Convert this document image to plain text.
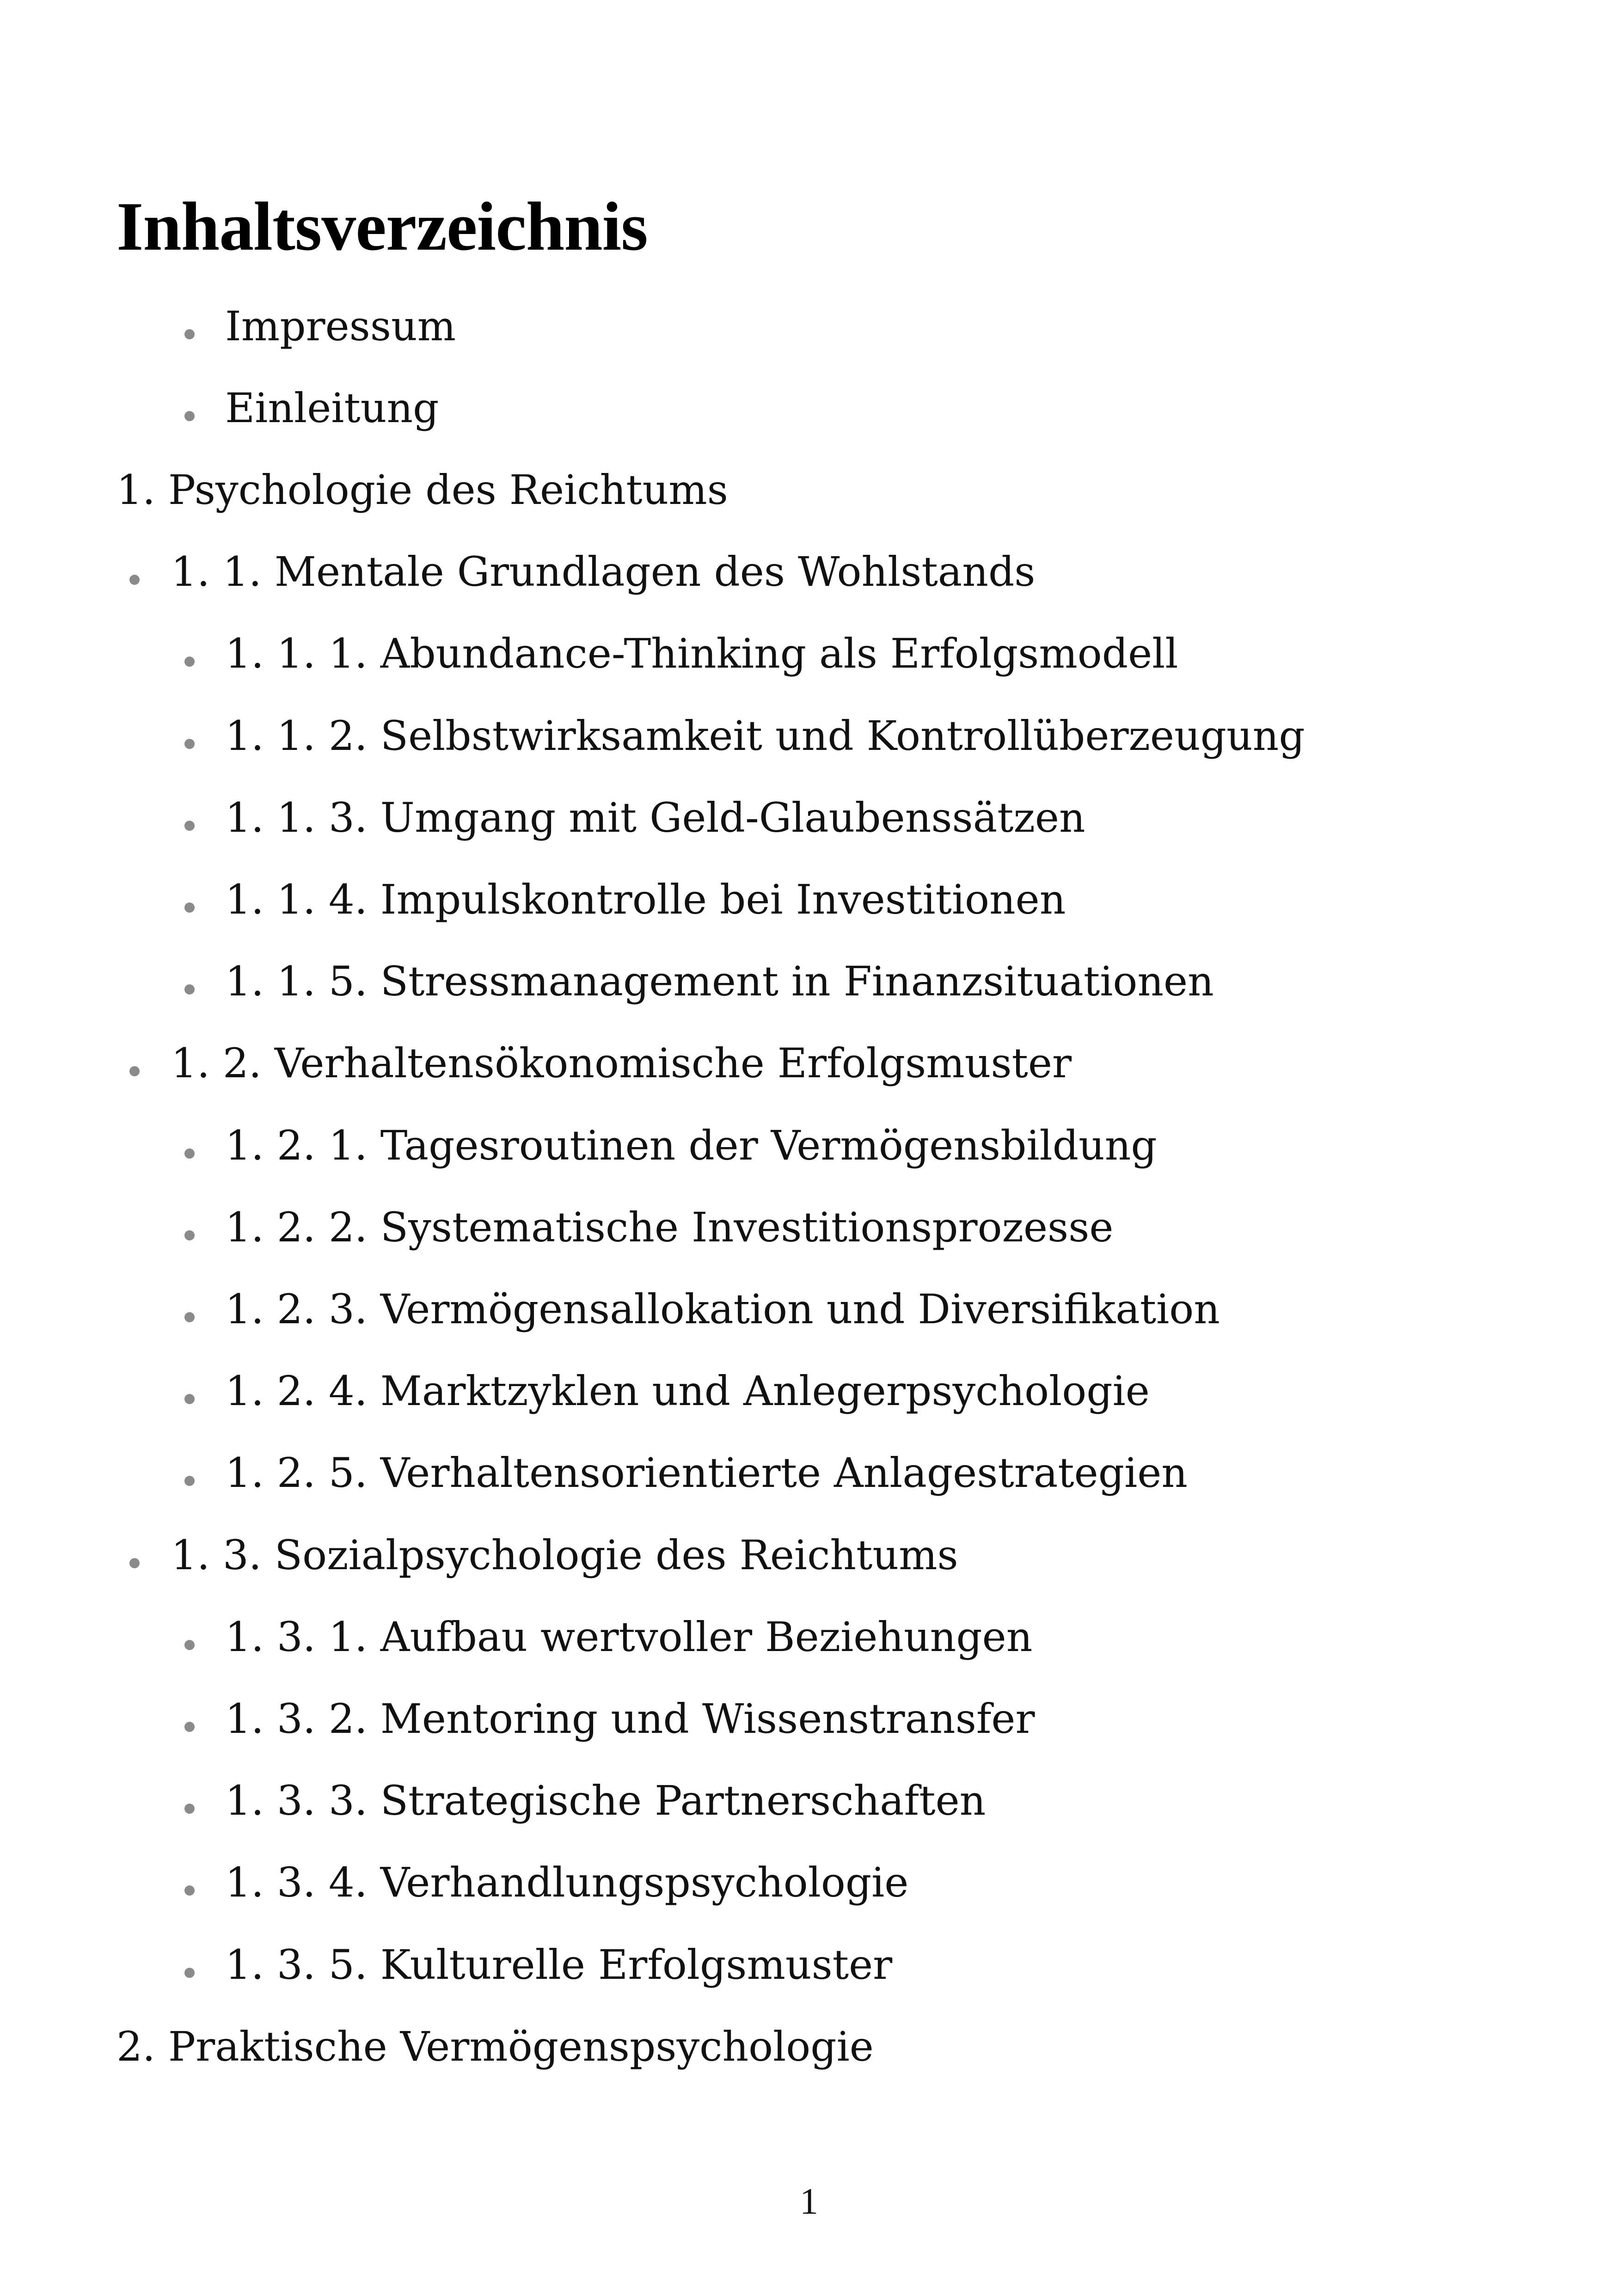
Inhaltsverzeichnis
Impressum
Einleitung
1. Psychologie des Reichtums
1. 1. Mentale Grundlagen des Wohlstands
1. 1. 1. Abundance-Thinking als Erfolgsmodell
1. 1. 2. Selbstwirksamkeit und Kontrollüberzeugung
1. 1. 3. Umgang mit Geld-Glaubenssätzen
1. 1. 4. Impulskontrolle bei Investitionen
1. 1. 5. Stressmanagement in Finanzsituationen
1. 2. Verhaltensökonomische Erfolgsmuster
1. 2. 1. Tagesroutinen der Vermögensbildung
1. 2. 2. Systematische Investitionsprozesse
1. 2. 3. Vermögensallokation und Diversifikation
1. 2. 4. Marktzyklen und Anlegerpsychologie
1. 2. 5. Verhaltensorientierte Anlagestrategien
1. 3. Sozialpsychologie des Reichtums
1. 3. 1. Aufbau wertvoller Beziehungen
1. 3. 2. Mentoring und Wissenstransfer
1. 3. 3. Strategische Partnerschaften
1. 3. 4. Verhandlungspsychologie
1. 3. 5. Kulturelle Erfolgsmuster
2. Praktische Vermögenspsychologie
1
